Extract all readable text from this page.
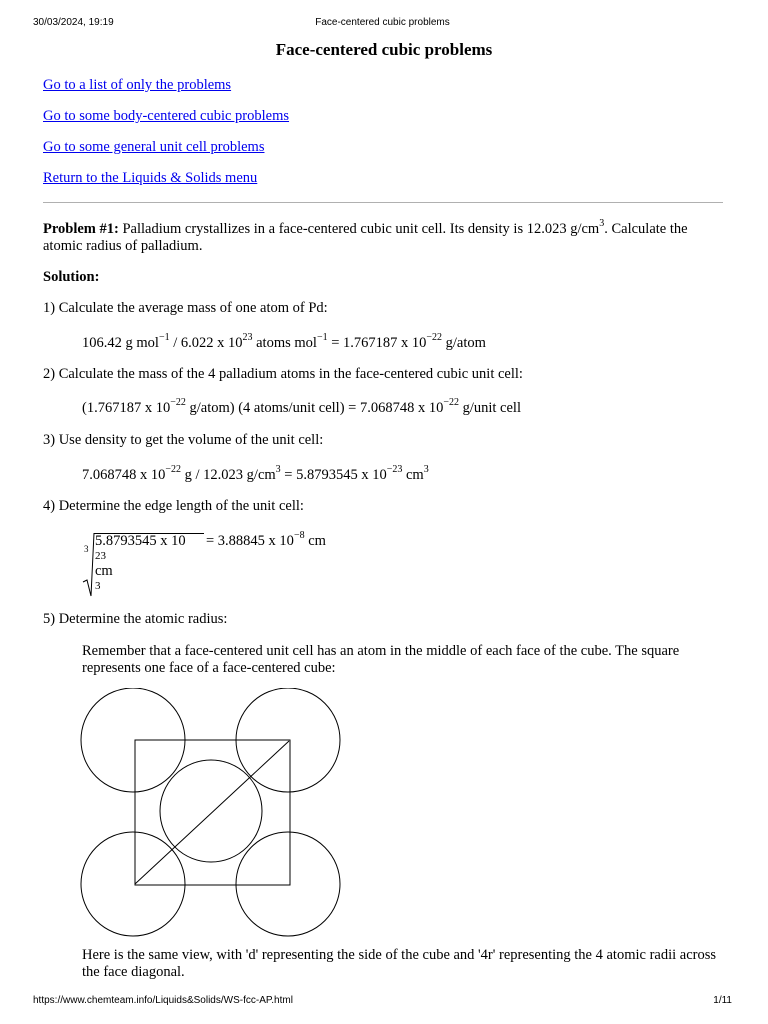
30/03/2024, 19:19	Face-centered cubic problems
Face-centered cubic problems
Go to a list of only the problems
Go to some body-centered cubic problems
Go to some general unit cell problems
Return to the Liquids & Solids menu

Problem #1: Palladium crystallizes in a face-centered cubic unit cell. Its density is 12.023 $g/cm^3$. Calculate the atomic radius of palladium.

Solution:

1) Calculate the average mass of one atom of Pd:

106.42 g mol$^{-1}$ / 6.022 x $10^{23}$ atoms mol$^{-1}$ = 1.767187 x $10^{-22}$ g/atom

2) Calculate the mass of the 4 palladium atoms in the face-centered cubic unit cell:

(1.767187 x $10^{-22}$ g/atom) (4 atoms/unit cell) = 7.068748 x $10^{-22}$ g/unit cell

3) Use density to get the volume of the unit cell:

7.068748 x $10^{-22}$ g / 12.023 $g/cm^3 = 5.8793545$ x $10^{-23}$ $cm^3$

4) Determine the edge length of the unit cell:

3 5.8793545 x 10
23
cm
3
= 3.88845 x $10^{-8}$ cm

5) Determine the atomic radius:

Remember that a face-centered unit cell has an atom in the middle of each face of the cube. The square represents one face of a face-centered cube:

Here is the same view, with 'd' representing the side of the cube and '4r' representing the 4 atomic radii across the face diagonal.

https://www.chemteam.info/Liquids&Solids/WS-fcc-AP.html	1/11
